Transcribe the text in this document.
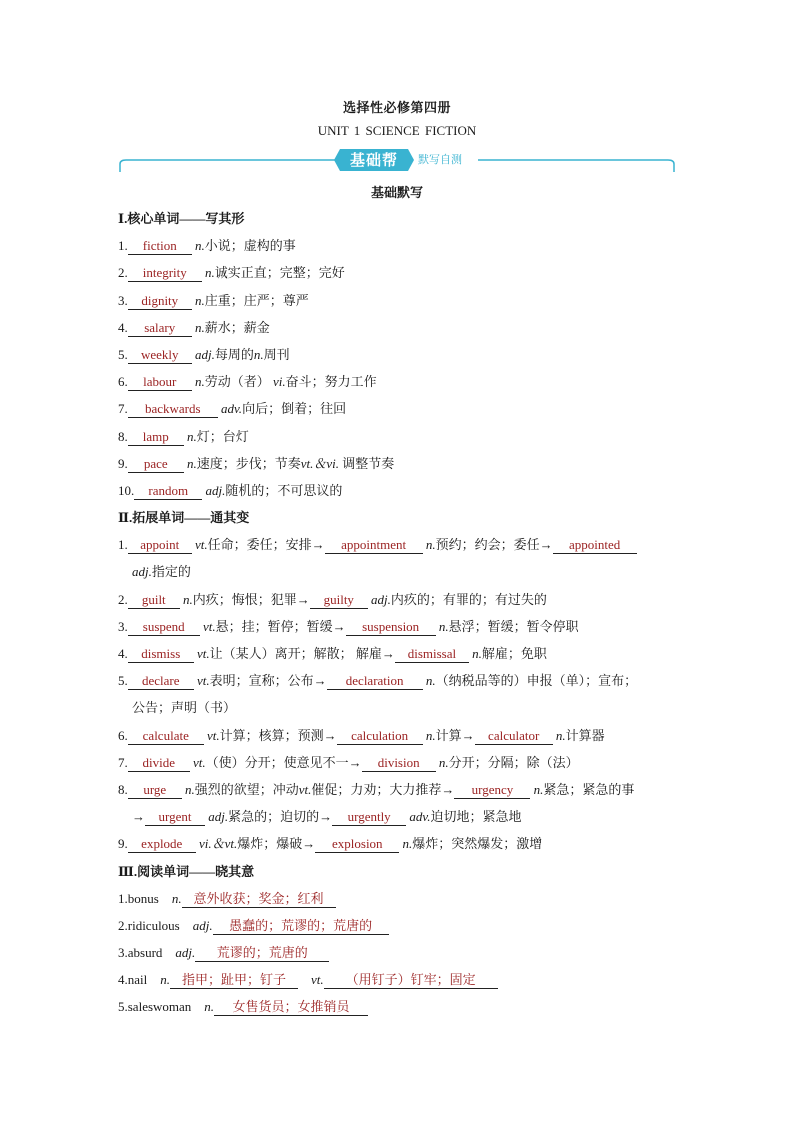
选择性必修第四册
UNIT 1 SCIENCE FICTION
基础帮	默写自测
基础默写
Ⅰ.核心单词——写其形
1. fiction n.小说；虚构的事
2. integrity n.诚实正直；完整；完好
3. dignity n.庄重；庄严；尊严
4. salary n.薪水；薪金
5. weekly adj.每周的n.周刊
6. labour n.劳动（者） vi.奋斗；努力工作
7. backwards adv.向后；倒着；往回
8. lamp n.灯；台灯
9. pace n.速度；步伐；节奏vt.＆vi. 调整节奏
10. random adj.随机的；不可思议的
Ⅱ.拓展单词——通其变
1. appoint vt.任命；委任；安排→ appointment n.预约；约会；委任→ appointed
adj.指定的
2. guilt n.内疚；悔恨；犯罪→ guilty adj.内疚的；有罪的；有过失的
3. suspend vt.悬；挂；暂停；暂缓→ suspension n.悬浮；暂缓；暂令停职
4. dismiss vt.让（某人）离开；解散； 解雇→ dismissal n.解雇；免职
5. declare vt.表明；宣称；公布→ declaration n.（纳税品等的）申报（单）；宣布；
公告；声明（书）
6. calculate vt.计算；核算；预测→ calculation n.计算→ calculator n.计算器
7. divide vt.（使）分开；使意见不一→ division n.分开；分隔；除（法）
8. urge n.强烈的欲望；冲动vt.催促；力劝；大力推荐→ urgency n.紧急；紧急的事
→ urgent adj.紧急的；迫切的→ urgently adv.迫切地；紧急地
9. explode vi.＆vt.爆炸；爆破→ explosion n.爆炸；突然爆发；激增
Ⅲ.阅读单词——晓其意
1.bonus n. 意外收获；奖金；红利
2.ridiculous adj. 愚蠢的；荒谬的；荒唐的
3.absurd adj. 荒谬的；荒唐的
4.nail n. 指甲；趾甲；钉子 vt. （用钉子）钉牢；固定
5.saleswoman n. 女售货员；女推销员
